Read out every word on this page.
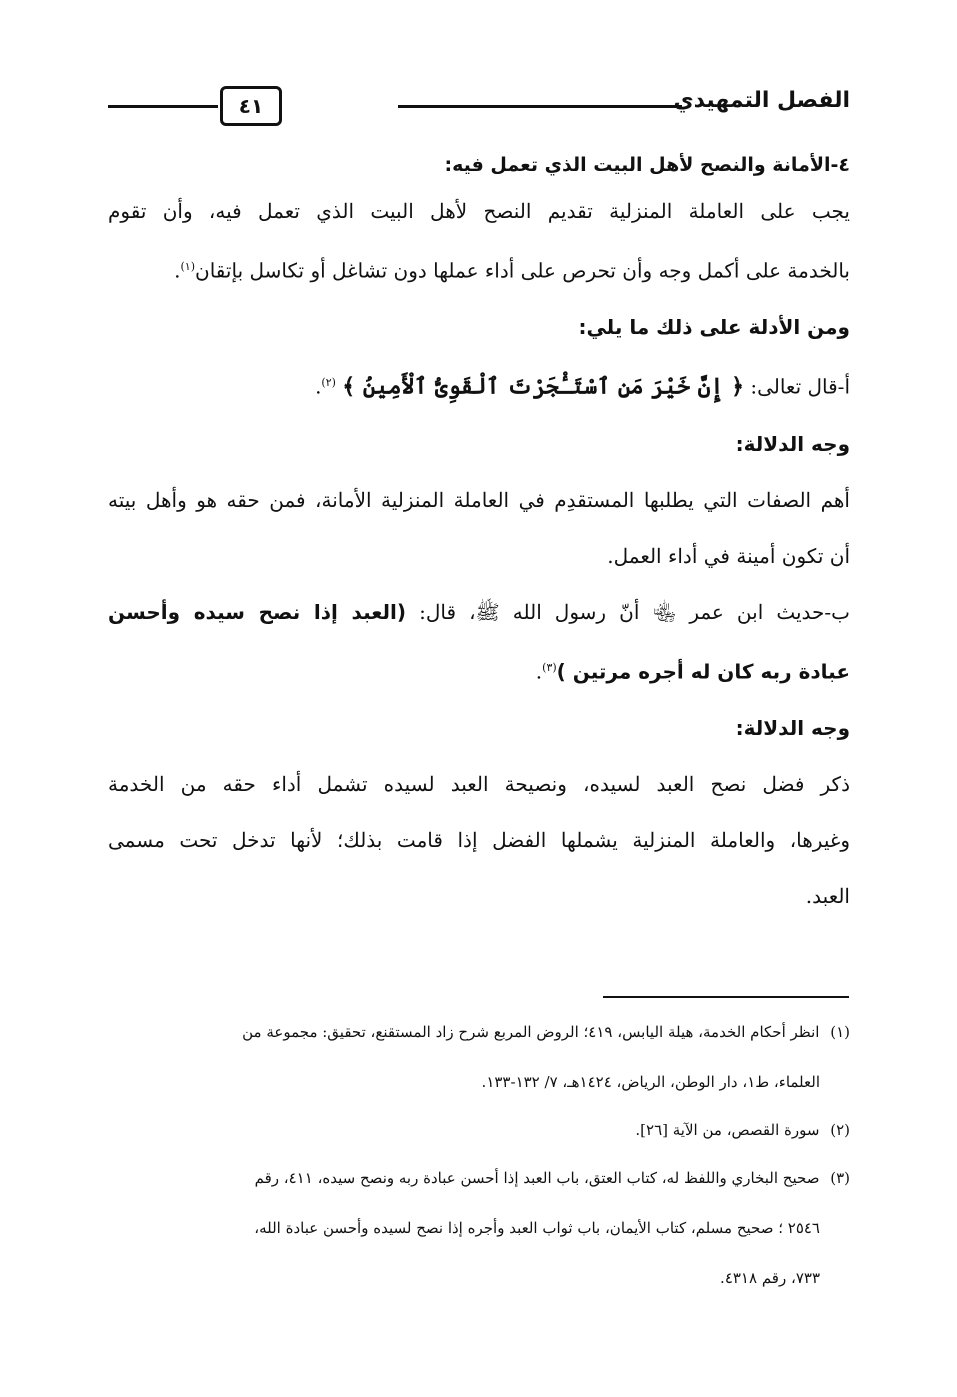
الفصل التمهيدي
٤١

٤-الأمانة والنصح لأهل البيت الذي تعمل فيه:

يجب على العاملة المنزلية تقديم النصح لأهل البيت الذي تعمل فيه، وأن تقوم

بالخدمة على أكمل وجه وأن تحرص على أداء عملها دون تشاغل أو تكاسل بإتقان$^{(١)}$.

ومن الأدلة على ذلك ما يلي:

أ-قال تعالى: ﴿ إِنَّ خَيْرَ مَنِ ٱسْتَـْٔجَرْتَ ٱلْقَوِىُّ ٱلْأَمِينُ ﴾ $^{(٢)}$.

وجه الدلالة:

أهم الصفات التي يطلبها المستقدِم في العاملة المنزلية الأمانة، فمن حقه هو وأهل بيته

أن تكون أمينة في أداء العمل.

ب-حديث ابن عمر ﵄ أنّ رسول الله ﷺ، قال: (العبد إذا نصح سيده وأحسن

عبادة ربه كان له أجره مرتين )$^{(٣)}$.

وجه الدلالة:

ذكر فضل نصح العبد لسيده، ونصيحة العبد لسيده تشمل أداء حقه من الخدمة

وغيرها، والعاملة المنزلية يشملها الفضل إذا قامت بذلك؛ لأنها تدخل تحت مسمى

العبد.

(١) انظر أحكام الخدمة، هيلة اليابس، ٤١٩؛ الروض المربع شرح زاد المستقنع، تحقيق: مجموعة من
العلماء، ط١، دار الوطن، الرياض، ١٤٢٤هـ، ٧/ ١٣٢-١٣٣.

(٢) سورة القصص، من الآية [٢٦].

(٣) صحيح البخاري واللفظ له، كتاب العتق، باب العبد إذا أحسن عبادة ربه ونصح سيده، ٤١١، رقم
٢٥٤٦ ؛ صحيح مسلم، كتاب الأيمان، باب ثواب العبد وأجره إذا نصح لسيده وأحسن عبادة الله،
٧٣٣، رقم ٤٣١٨.
